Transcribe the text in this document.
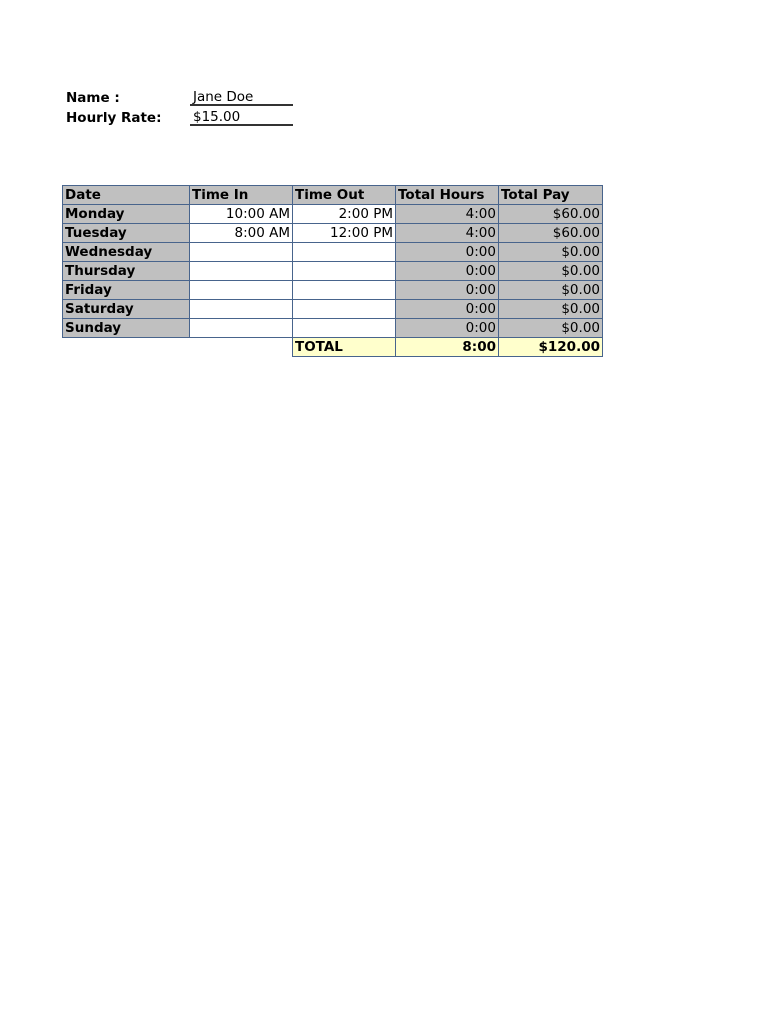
Name :	Jane Doe
Hourly Rate: $15.00
Date	Time In	Time Out	Total Hours	Total Pay
Monday	10:00 AM	2:00 PM	4:00	$60.00
Tuesday	8:00 AM	12:00 PM	4:00	$60.00
Wednesday			0:00	$0.00
Thursday			0:00	$0.00
Friday			0:00	$0.00
Saturday			0:00	$0.00
Sunday			0:00	$0.00
		TOTAL	8:00	$120.00
